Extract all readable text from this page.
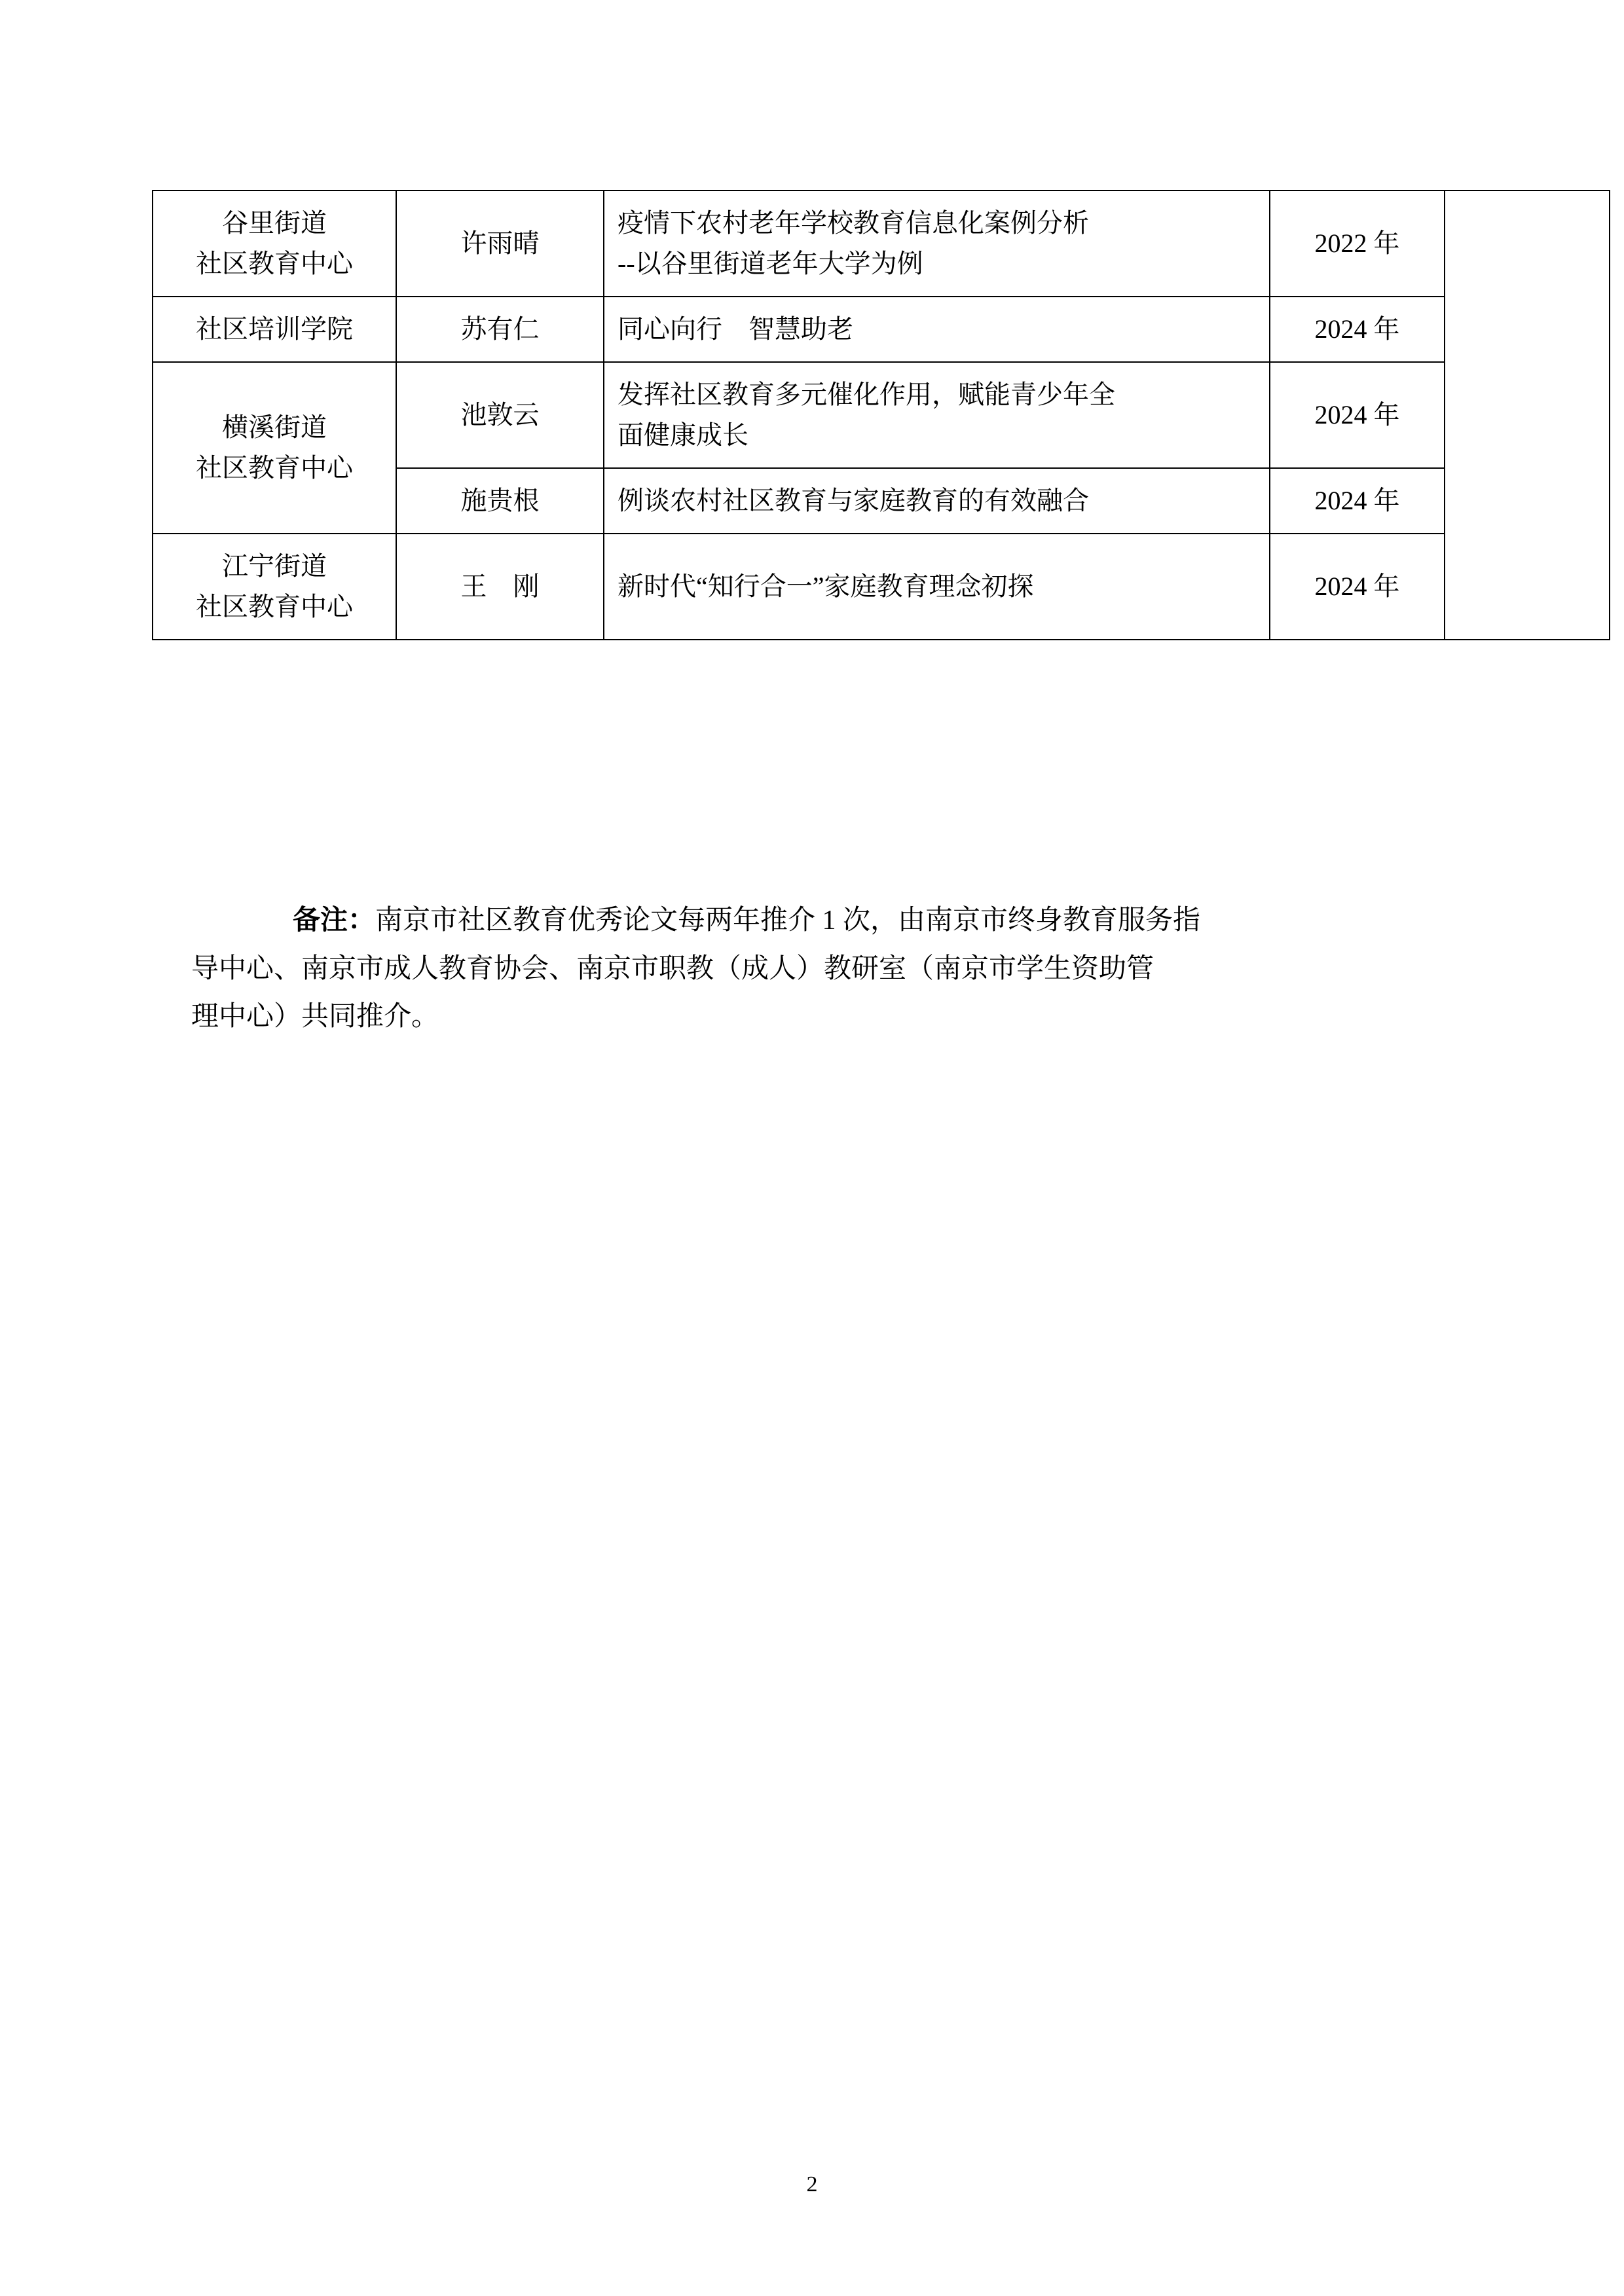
谷里街道
社区教育中心
	许雨晴	
疫情下农村老年学校教育信息化案例分析
--以谷里街道老年大学为例
	2022 年	

社区培训学院	苏有仁	同心向行　智慧助老	2024 年	

横溪街道
社区教育中心
	池敦云	
发挥社区教育多元催化作用，赋能青少年全
面健康成长
	2024 年
	施贵根	例谈农村社区教育与家庭教育的有效融合	2024 年	

江宁街道
社区教育中心	王　刚	新时代“知行合一”家庭教育理念初探	2024 年	
备注：南京市社区教育优秀论文每两年推介 1 次，由南京市终身教育服务指
导中心、南京市成人教育协会、南京市职教（成人）教研室（南京市学生资助管
理中心）共同推介。
2
